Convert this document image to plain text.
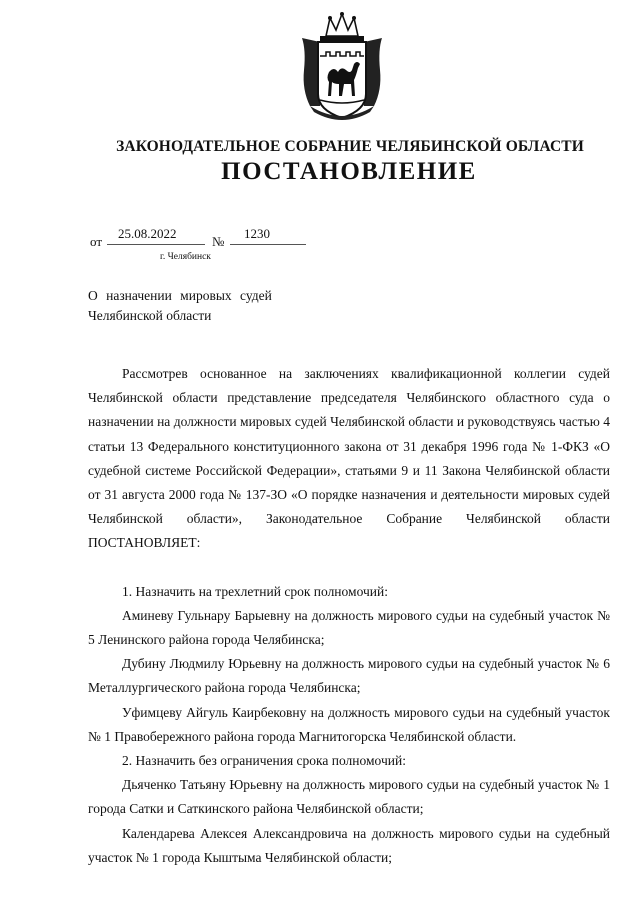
ЗАКОНОДАТЕЛЬНОЕ СОБРАНИЕ ЧЕЛЯБИНСКОЙ ОБЛАСТИ
ПОСТАНОВЛЕНИЕ
от
25.08.2022
№
1230
г. Челябинск
О назначении мировых судей
Челябинской области

Рассмотрев основанное на заключениях квалификационной коллегии судей Челябинской области представление председателя Челябинского областного суда о назначении на должности мировых судей Челябинской области и руководствуясь частью 4 статьи 13 Федерального конституционного закона от 31 декабря 1996 года № 1-ФКЗ «О судебной системе Российской Федерации», статьями 9 и 11 Закона Челябинской области от 31 августа 2000 года № 137-ЗО «О порядке назначения и деятельности мировых судей Челябинской области», Законодательное Собрание Челябинской области ПОСТАНОВЛЯЕТ:

1. Назначить на трехлетний срок полномочий:

Аминеву Гульнару Барыевну на должность мирового судьи на судебный участок № 5 Ленинского района города Челябинска;

Дубину Людмилу Юрьевну на должность мирового судьи на судебный участок № 6 Металлургического района города Челябинска;

Уфимцеву Айгуль Каирбековну на должность мирового судьи на судебный участок № 1 Правобережного района города Магнитогорска Челябинской области.

2. Назначить без ограничения срока полномочий:

Дьяченко Татьяну Юрьевну на должность мирового судьи на судебный участок № 1 города Сатки и Саткинского района Челябинской области;

Календарева Алексея Александровича на должность мирового судьи на судебный участок № 1 города Кыштыма Челябинской области;
